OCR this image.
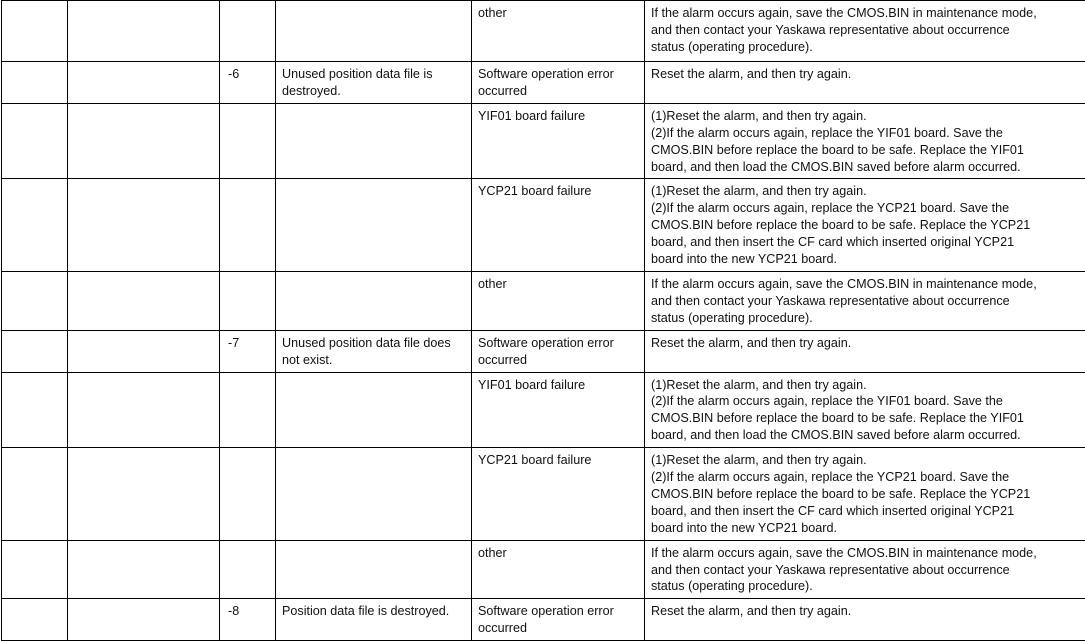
				other	If the alarm occurs again, save the CMOS.BIN in maintenance mode,
and then contact your Yaskawa representative about occurrence
status (operating procedure).
		-6	Unused position data file is
destroyed.	Software operation error
occurred	Reset the alarm, and then try again.
				YIF01 board failure	(1)Reset the alarm, and then try again.
(2)If the alarm occurs again, replace the YIF01 board. Save the
CMOS.BIN before replace the board to be safe. Replace the YIF01
board, and then load the CMOS.BIN saved before alarm occurred.
				YCP21 board failure	(1)Reset the alarm, and then try again.
(2)If the alarm occurs again, replace the YCP21 board. Save the
CMOS.BIN before replace the board to be safe. Replace the YCP21
board, and then insert the CF card which inserted original YCP21
board into the new YCP21 board.
				other	If the alarm occurs again, save the CMOS.BIN in maintenance mode,
and then contact your Yaskawa representative about occurrence
status (operating procedure).
		-7	Unused position data file does
not exist.	Software operation error
occurred	Reset the alarm, and then try again.
				YIF01 board failure	(1)Reset the alarm, and then try again.
(2)If the alarm occurs again, replace the YIF01 board. Save the
CMOS.BIN before replace the board to be safe. Replace the YIF01
board, and then load the CMOS.BIN saved before alarm occurred.
				YCP21 board failure	(1)Reset the alarm, and then try again.
(2)If the alarm occurs again, replace the YCP21 board. Save the
CMOS.BIN before replace the board to be safe. Replace the YCP21
board, and then insert the CF card which inserted original YCP21
board into the new YCP21 board.
				other	If the alarm occurs again, save the CMOS.BIN in maintenance mode,
and then contact your Yaskawa representative about occurrence
status (operating procedure).
		-8	Position data file is destroyed.	Software operation error
occurred	Reset the alarm, and then try again.
